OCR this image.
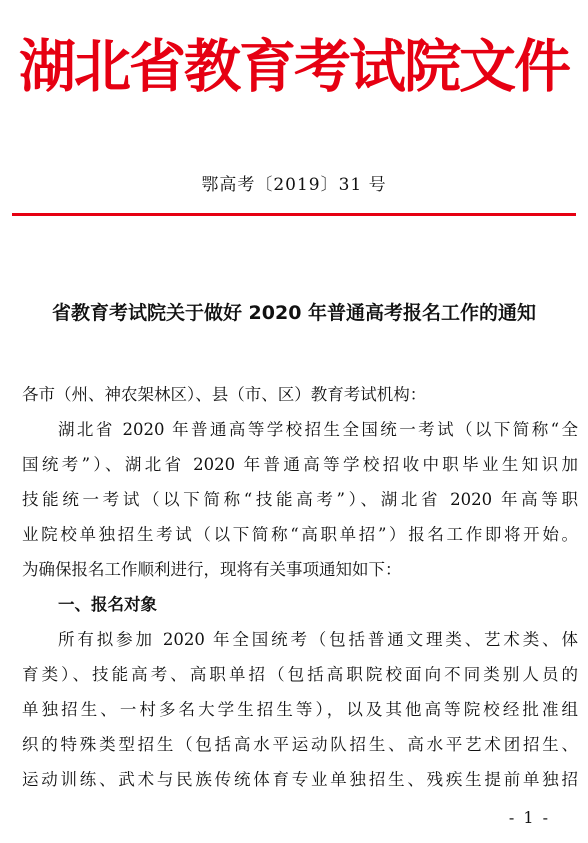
湖北省教育考试院文件
鄂高考〔2019〕31 号
省教育考试院关于做好 2020 年普通高考报名工作的通知
各市（州、神农架林区）、县（市、区）教育考试机构：
湖北省 2020 年普通高等学校招生全国统一考试（以下简称“全
国统考”）、湖北省 2020 年普通高等学校招收中职毕业生知识加
技能统一考试（以下简称“技能高考”）、湖北省 2020 年高等职
业院校单独招生考试（以下简称“高职单招”）报名工作即将开始。
为确保报名工作顺利进行，现将有关事项通知如下：
一、报名对象
所有拟参加 2020 年全国统考（包括普通文理类、艺术类、体
育类）、技能高考、高职单招（包括高职院校面向不同类别人员的
单独招生、一村多名大学生招生等），以及其他高等院校经批准组
织的特殊类型招生（包括高水平运动队招生、高水平艺术团招生、
运动训练、武术与民族传统体育专业单独招生、残疾生提前单独招
- 1 -
